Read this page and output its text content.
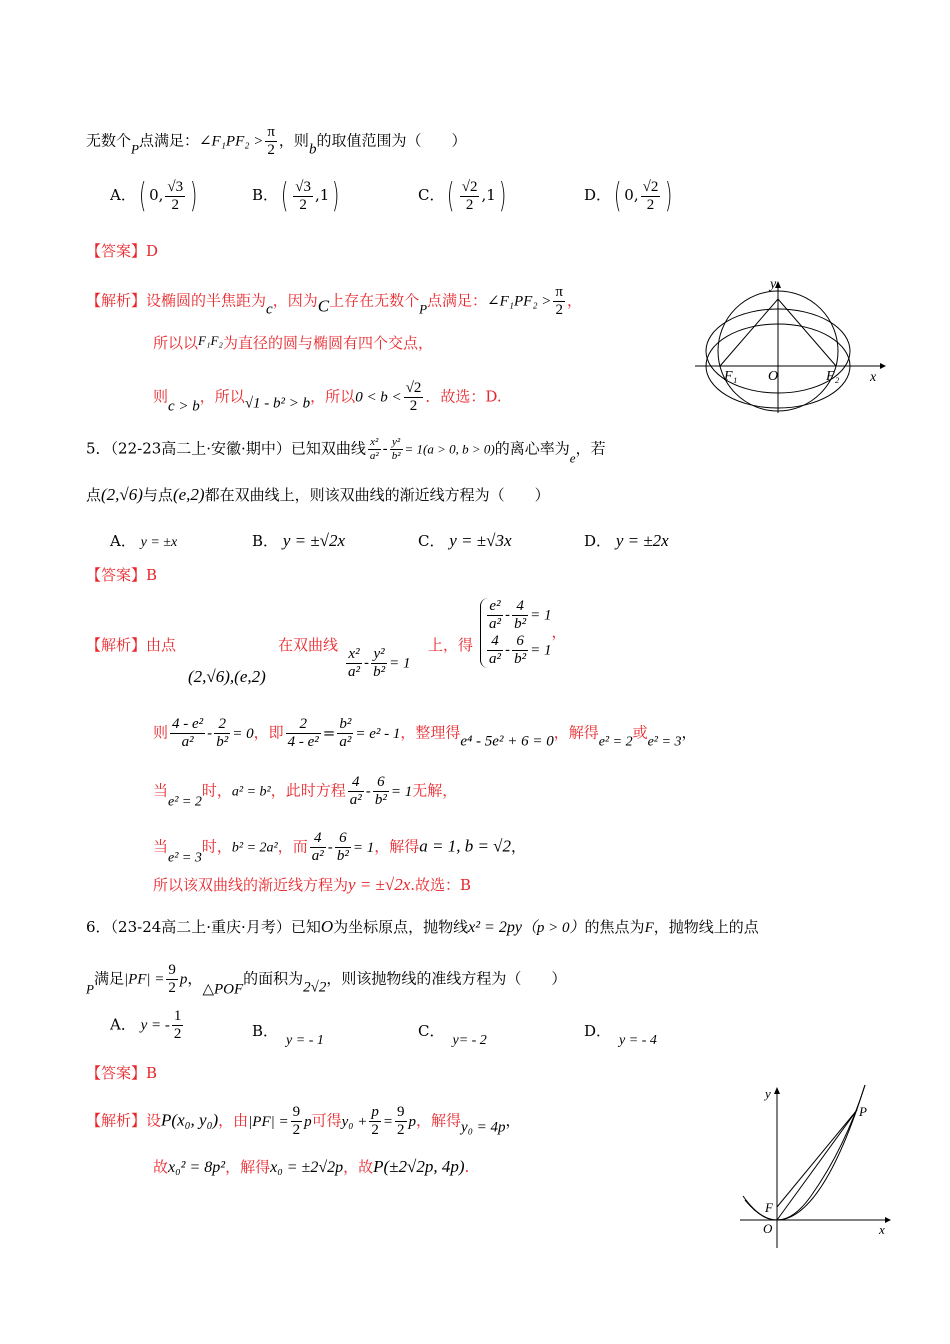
无数个P点满足：∠F₁PF₂ > $\frac{\pi}{2}$ ，则b的取值范围为（　　）
A．( 0, $\frac{√3}{2}$ )	B．( $\frac{√3}{2} ,1$)	C．( $\frac{√2}{2} ,1$)	D．( 0, $\frac{√2}{2}$ )
【答案】D
【解析】设椭圆的半焦距为c，因为C上存在无数个P点满足：∠F₁PF₂ > $\frac{\pi}{2}$ ，
所以以F₁F₂为直径的圆与椭圆有四个交点，
则c > b，所以√1 - b² > b，所以$0 < b < \frac{√2}{2}$ ．故选：D.
x
y
F₁ O	F₂
5．（22-23高二上·安徽·期中）已知双曲线 $\frac{\text{x²}}{\text{a²}} - \frac{\text{y²}}{\text{b²}} = 1(a > 0$, b > 0)的离心率为e，若
点(2,√6)与点(e,2)都在双曲线上，则该双曲线的渐近线方程为（　　）
A． y = ±x	B． y = ±√2x	C． y = ±√3x	D． y = ±2x
【答案】B
【解析】由点
(2,√6),(e,2)
在双曲线
$\frac{\text{x²}}{\text{a²}} - \frac{\text{y²}}{\text{b²}} = 1$
上，得
$\frac{\text{e²}}{\text{a²}} - \frac{4}{\text{b²}} = 1$
$\frac{4}{\text{a²}} - \frac{6}{\text{b²}} = 1$
，
则 $\frac{\text{4 - e²}}{\text{a²}} - \frac{2}{\text{b²}} = 0$，即 $\frac{2}{\text{4 - e²}} = \frac{\text{b²}}{\text{a²}} = e^2 - 1$，整理得e⁴ - 5e² + 6 = 0，解得e² = 2或e² = 3，
当e² = 2时，a² = b²，此时方程 $\frac{4}{\text{a²}} - \frac{6}{\text{b²}} = 1$无解，
当e² = 3时，b² = 2a²，而 $\frac{4}{\text{a²}} - \frac{6}{\text{b²}} = 1$，解得a = 1, b = √2，
所以该双曲线的渐近线方程为y = ±√2x.故选：B
6．（23-24高二上·重庆·月考）已知O为坐标原点，抛物线x² = 2py（p > 0）的焦点为F，抛物线上的点
P满足$|PF| = \frac{9}{2}$ p，△POF的面积为2√2，则该抛物线的准线方程为（　　）
A． y = - $\frac{1}{2}$	B．y = - 1
C．y= - 2
D．y = - 4
【答案】B
【解析】设P(x₀, y₀)，由$|PF| = \frac{9}{2}$ p可得$y_0 + \frac{p}{2} = \frac{9}{2}$ p，解得y₀ = 4p，
故x₀² = 8p²，解得x₀ = ±2√2p，故P(±2√2p, 4p).
y
x
P
F
O
